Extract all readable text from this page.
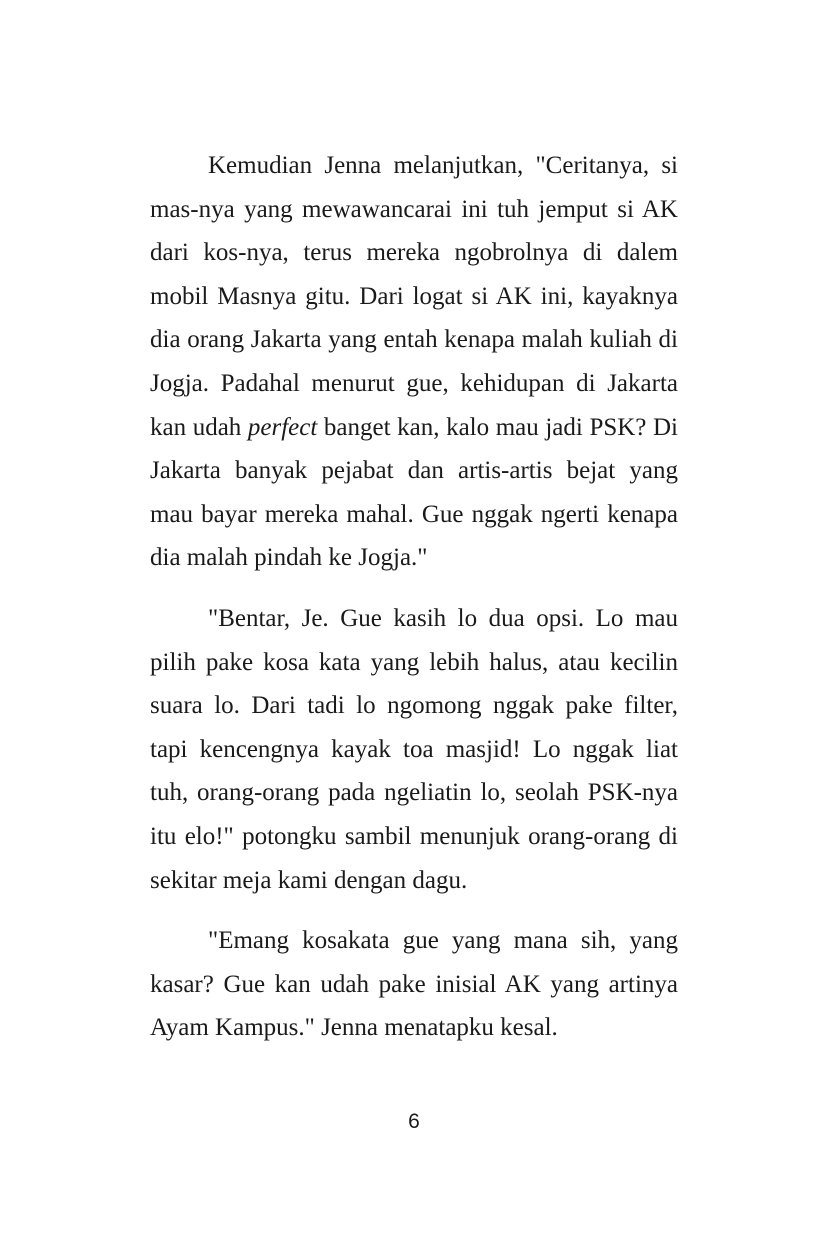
Kemudian Jenna melanjutkan, "Ceritanya, si mas-nya yang mewawancarai ini tuh jemput si AK dari kos-nya, terus mereka ngobrolnya di dalem mobil Masnya gitu. Dari logat si AK ini, kayaknya dia orang Jakarta yang entah kenapa malah kuliah di Jogja. Padahal menurut gue, kehidupan di Jakarta kan udah perfect banget kan, kalo mau jadi PSK? Di Jakarta banyak pejabat dan artis-artis bejat yang mau bayar mereka mahal. Gue nggak ngerti kenapa dia malah pindah ke Jogja."

"Bentar, Je. Gue kasih lo dua opsi. Lo mau pilih pake kosa kata yang lebih halus, atau kecilin suara lo. Dari tadi lo ngomong nggak pake filter, tapi kencengnya kayak toa masjid! Lo nggak liat tuh, orang-orang pada ngeliatin lo, seolah PSK-nya itu elo!" potongku sambil menunjuk orang-orang di sekitar meja kami dengan dagu.

"Emang kosakata gue yang mana sih, yang kasar? Gue kan udah pake inisial AK yang artinya Ayam Kampus." Jenna menatapku kesal.

6
